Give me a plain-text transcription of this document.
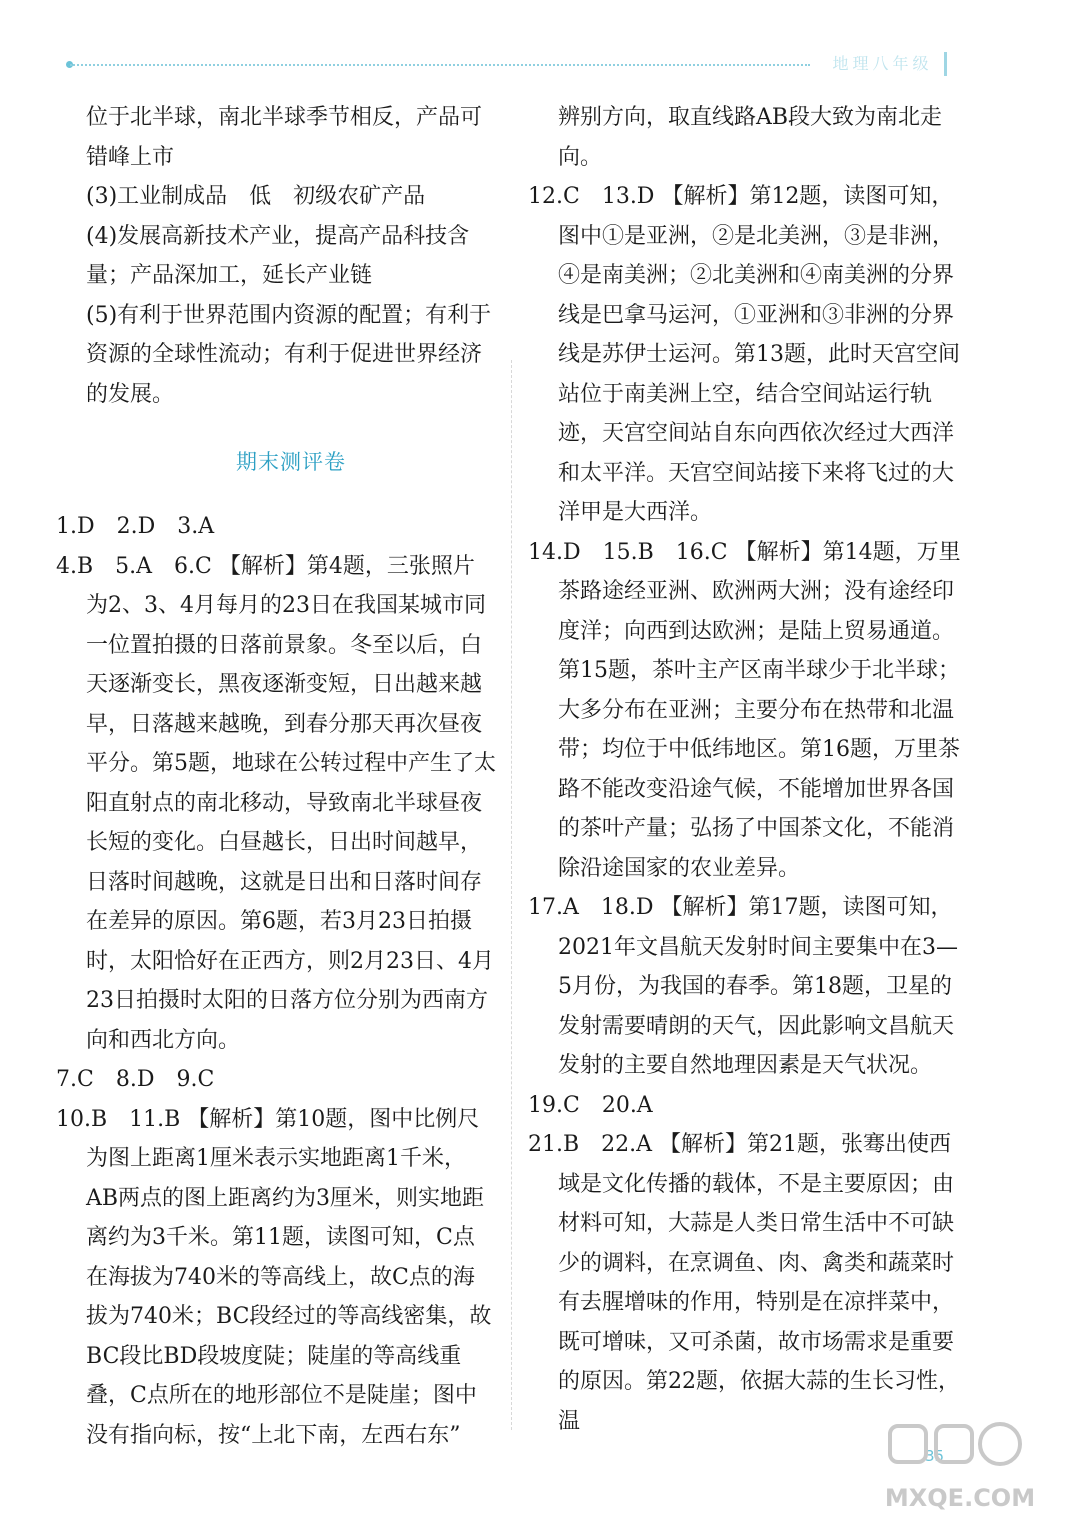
地理八年级

位于北半球，南北半球季节相反，产品可错峰上市

(3)工业制成品　低　初级农矿产品

(4)发展高新技术产业，提高产品科技含量；产品深加工，延长产业链

(5)有利于世界范围内资源的配置；有利于资源的全球性流动；有利于促进世界经济的发展。

期末测评卷

1.D　2.D　3.A

4.B　5.A　6.C 【解析】第4题，三张照片为2、3、4月每月的23日在我国某城市同一位置拍摄的日落前景象。冬至以后，白天逐渐变长，黑夜逐渐变短，日出越来越早，日落越来越晚，到春分那天再次昼夜平分。第5题，地球在公转过程中产生了太阳直射点的南北移动，导致南北半球昼夜长短的变化。白昼越长，日出时间越早，日落时间越晚，这就是日出和日落时间存在差异的原因。第6题，若3月23日拍摄时，太阳恰好在正西方，则2月23日、4月23日拍摄时太阳的日落方位分别为西南方向和西北方向。

7.C　8.D　9.C

10.B　11.B 【解析】第10题，图中比例尺为图上距离1厘米表示实地距离1千米，AB两点的图上距离约为3厘米，则实地距离约为3千米。第11题，读图可知，C点在海拔为740米的等高线上，故C点的海拔为740米；BC段经过的等高线密集，故BC段比BD段坡度陡；陡崖的等高线重叠，C点所在的地形部位不是陡崖；图中没有指向标，按“上北下南，左西右东”

辨别方向，取直线路AB段大致为南北走向。

12.C　13.D 【解析】第12题，读图可知，图中①是亚洲，②是北美洲，③是非洲，④是南美洲；②北美洲和④南美洲的分界线是巴拿马运河，①亚洲和③非洲的分界线是苏伊士运河。第13题，此时天宫空间站位于南美洲上空，结合空间站运行轨迹，天宫空间站自东向西依次经过大西洋和太平洋。天宫空间站接下来将飞过的大洋甲是大西洋。

14.D　15.B　16.C 【解析】第14题，万里茶路途经亚洲、欧洲两大洲；没有途经印度洋；向西到达欧洲；是陆上贸易通道。第15题，茶叶主产区南半球少于北半球；大多分布在亚洲；主要分布在热带和北温带；均位于中低纬地区。第16题，万里茶路不能改变沿途气候，不能增加世界各国的茶叶产量；弘扬了中国茶文化，不能消除沿途国家的农业差异。

17.A　18.D 【解析】第17题，读图可知，2021年文昌航天发射时间主要集中在3—5月份，为我国的春季。第18题，卫星的发射需要晴朗的天气，因此影响文昌航天发射的主要自然地理因素是天气状况。

19.C　20.A

21.B　22.A 【解析】第21题，张骞出使西域是文化传播的载体，不是主要原因；由材料可知，大蒜是人类日常生活中不可缺少的调料，在烹调鱼、肉、禽类和蔬菜时有去腥增味的作用，特别是在凉拌菜中，既可增味，又可杀菌，故市场需求是重要的原因。第22题，依据大蒜的生长习性，温

35
MXQE.COM
